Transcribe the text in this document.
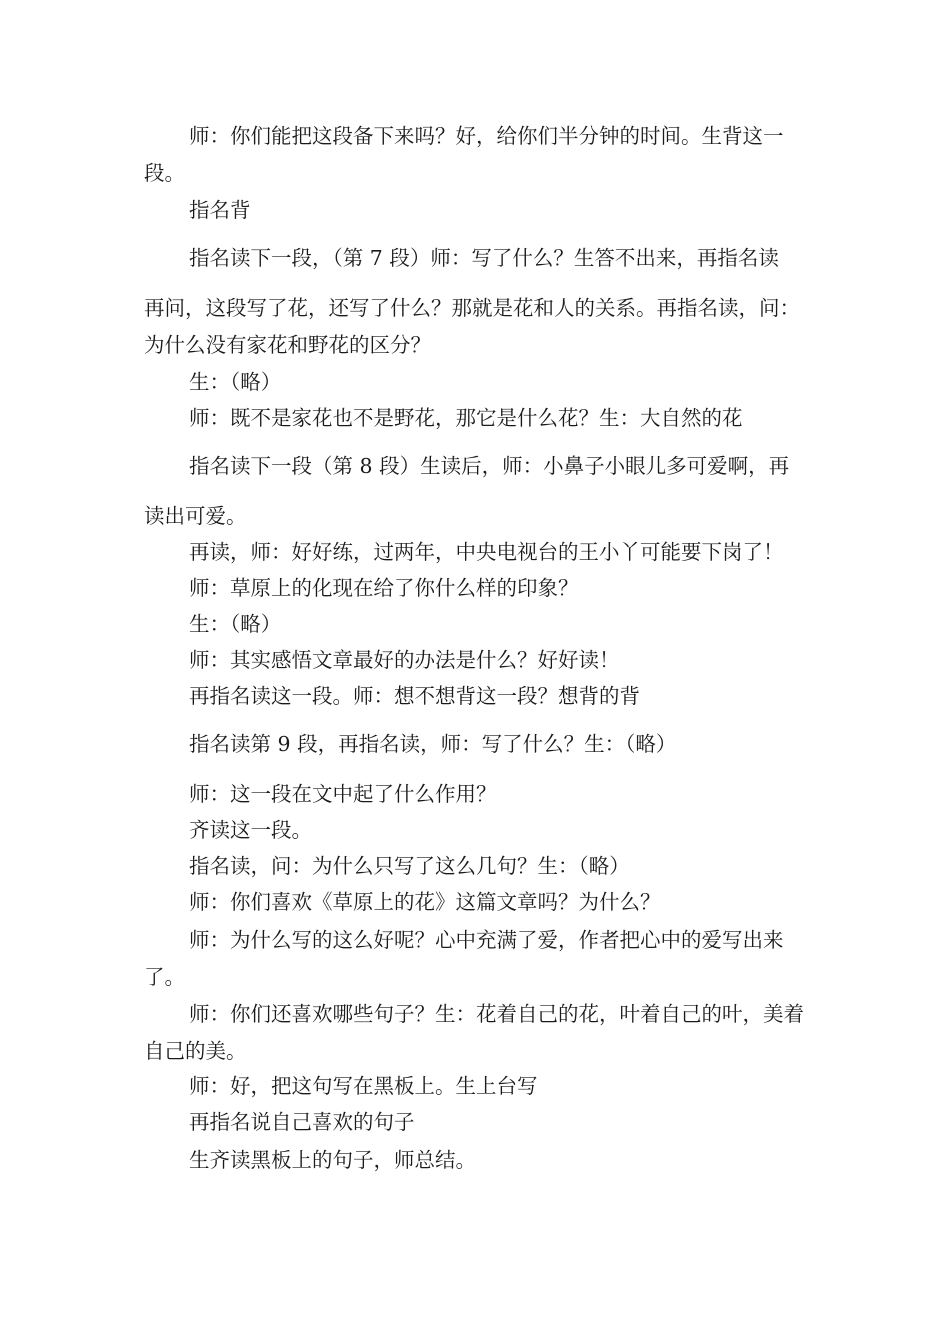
师：你们能把这段备下来吗？好，给你们半分钟的时间。生背这一段。

指名背

指名读下一段，（第 7 段）师：写了什么？生答不出来，再指名读

再问，这段写了花，还写了什么？那就是花和人的关系。再指名读，问：为什么没有家花和野花的区分？

生：（略）

师：既不是家花也不是野花，那它是什么花？生：大自然的花

指名读下一段（第 8 段）生读后，师：小鼻子小眼儿多可爱啊，再

读出可爱。

再读，师：好好练，过两年，中央电视台的王小丫可能要下岗了！

师：草原上的化现在给了你什么样的印象？

生：（略）

师：其实感悟文章最好的办法是什么？好好读！

再指名读这一段。师：想不想背这一段？想背的背

指名读第 9 段，再指名读，师：写了什么？生：（略）

师：这一段在文中起了什么作用？

齐读这一段。

指名读，问：为什么只写了这么几句？生：（略）

师：你们喜欢《草原上的花》这篇文章吗？为什么？

师：为什么写的这么好呢？心中充满了爱，作者把心中的爱写出来了。

师：你们还喜欢哪些句子？生：花着自己的花，叶着自己的叶，美着自己的美。

师：好，把这句写在黑板上。生上台写

再指名说自己喜欢的句子

生齐读黑板上的句子，师总结。
